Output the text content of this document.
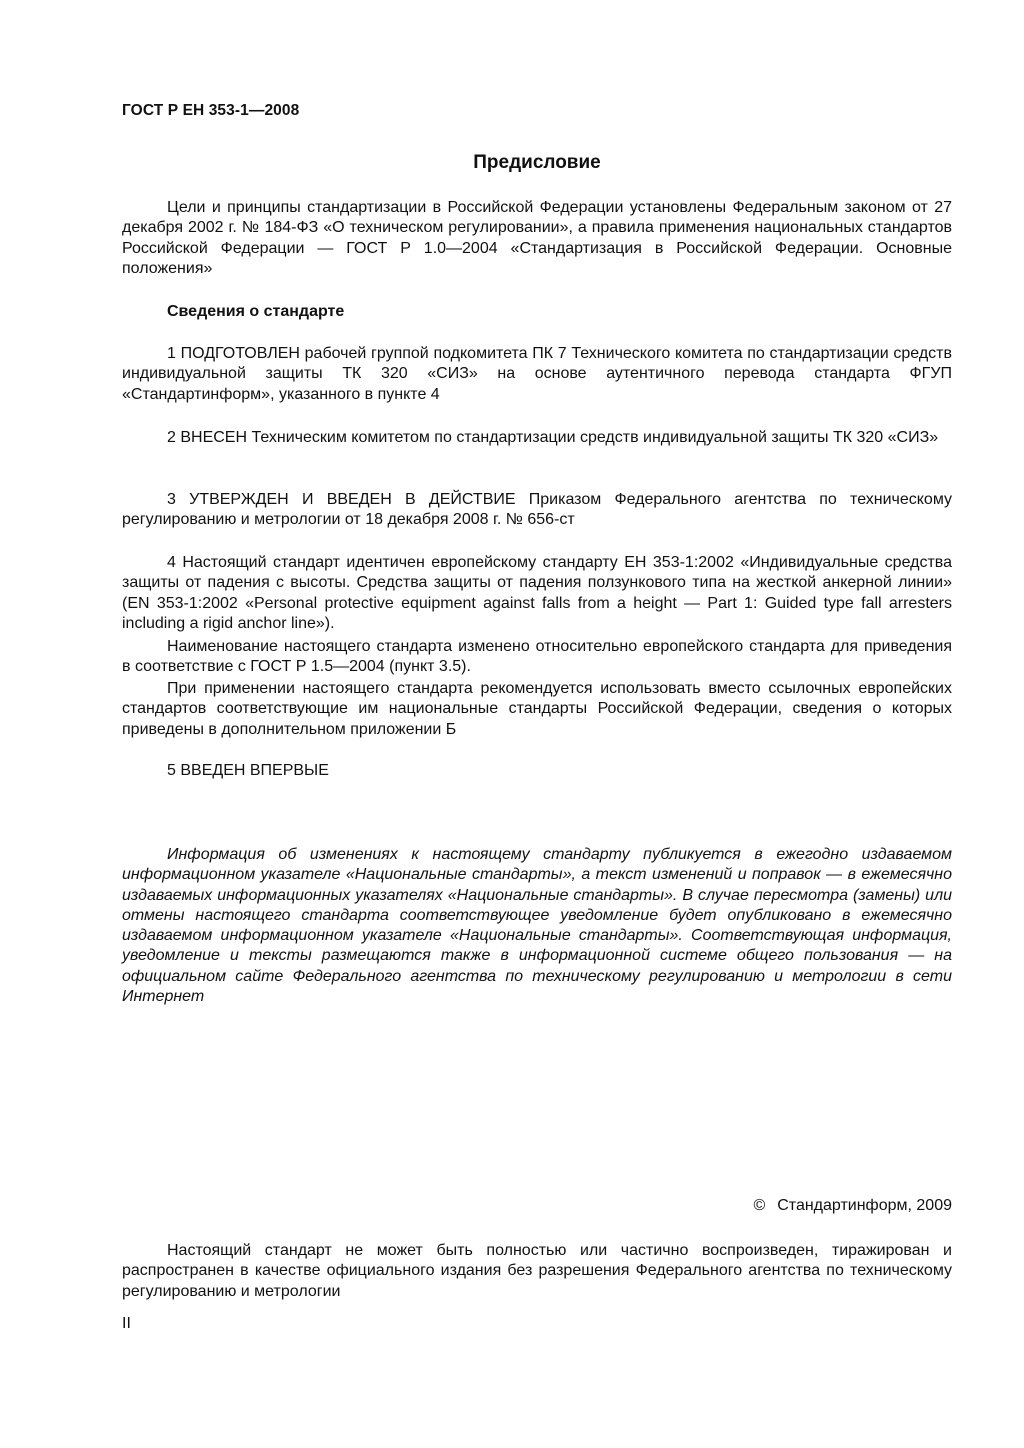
ГОСТ Р ЕН 353-1—2008
Предисловие

Цели и принципы стандартизации в Российской Федерации установлены Федеральным законом от 27 декабря 2002 г. № 184-ФЗ «О техническом регулировании», а правила применения национальных стандартов Российской Федерации — ГОСТ Р 1.0—2004 «Стандартизация в Российской Федерации. Основные положения»

Сведения о стандарте

1 ПОДГОТОВЛЕН рабочей группой подкомитета ПК 7 Технического комитета по стандартизации средств индивидуальной защиты ТК 320 «СИЗ» на основе аутентичного перевода стандарта ФГУП «Стандартинформ», указанного в пункте 4

2 ВНЕСЕН Техническим комитетом по стандартизации средств индивидуальной защиты ТК 320 «СИЗ»

3 УТВЕРЖДЕН И ВВЕДЕН В ДЕЙСТВИЕ Приказом Федерального агентства по техническому регулированию и метрологии от 18 декабря 2008 г. № 656-ст

4 Настоящий стандарт идентичен европейскому стандарту ЕН 353-1:2002 «Индивидуальные средства защиты от падения с высоты. Средства защиты от падения ползункового типа на жесткой анкерной линии» (EN 353-1:2002 «Personal protective equipment against falls from a height — Part 1: Guided type fall arresters including a rigid anchor line»).

Наименование настоящего стандарта изменено относительно европейского стандарта для приведения в соответствие с ГОСТ Р 1.5—2004 (пункт 3.5).

При применении настоящего стандарта рекомендуется использовать вместо ссылочных европейских стандартов соответствующие им национальные стандарты Российской Федерации, сведения о которых приведены в дополнительном приложении Б

5 ВВЕДЕН ВПЕРВЫЕ

Информация об изменениях к настоящему стандарту публикуется в ежегодно издаваемом информационном указателе «Национальные стандарты», а текст изменений и поправок — в ежемесячно издаваемых информационных указателях «Национальные стандарты». В случае пересмотра (замены) или отмены настоящего стандарта соответствующее уведомление будет опубликовано в ежемесячно издаваемом информационном указателе «Национальные стандарты». Соответствующая информация, уведомление и тексты размещаются также в информационной системе общего пользования — на официальном сайте Федерального агентства по техническому регулированию и метрологии в сети Интернет

© Стандартинформ, 2009

Настоящий стандарт не может быть полностью или частично воспроизведен, тиражирован и распространен в качестве официального издания без разрешения Федерального агентства по техническому регулированию и метрологии

II
